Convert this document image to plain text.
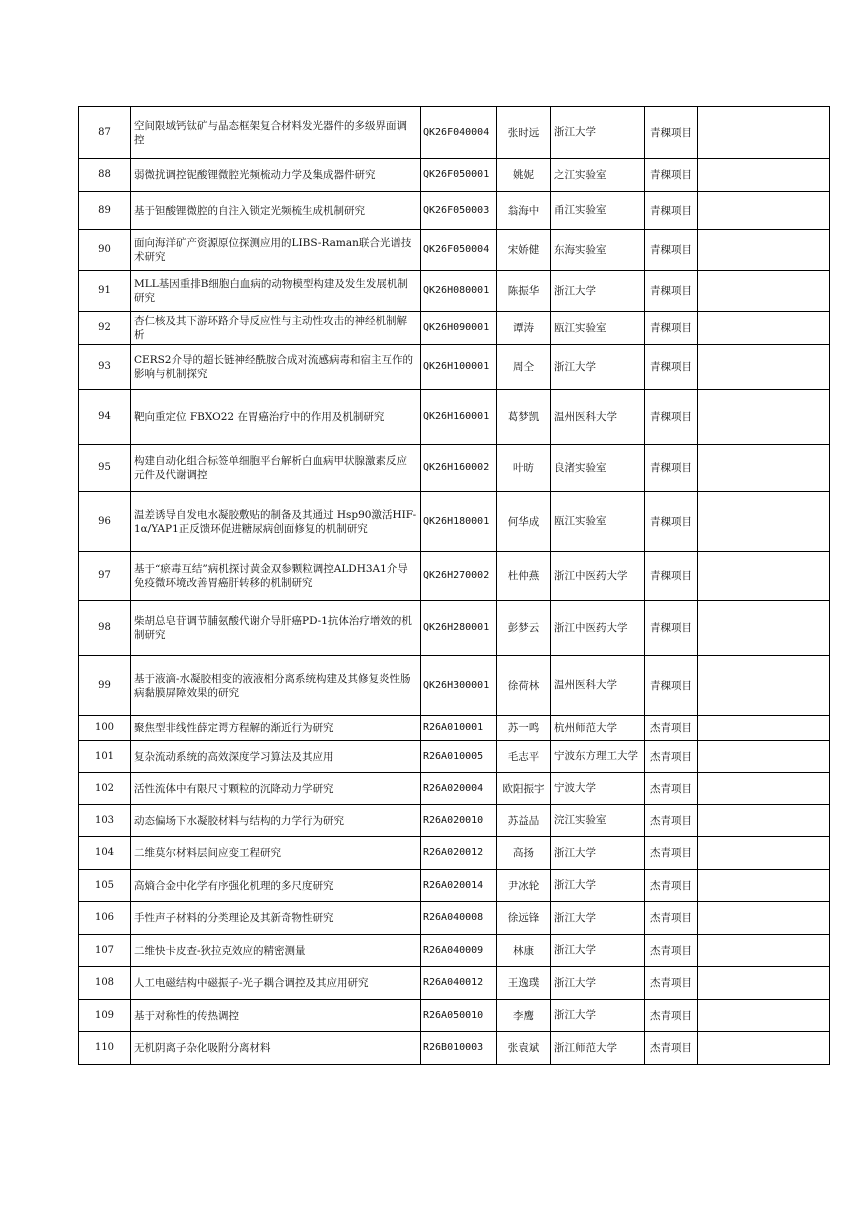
87	空间限域钙钛矿与晶态框架复合材料发光器件的多级界面调控	QK26F040004	张时远	浙江大学	青稞项目	
88	弱微扰调控铌酸锂微腔光频梳动力学及集成器件研究	QK26F050001	姚妮	之江实验室	青稞项目	
89	基于钽酸锂微腔的自注入锁定光频梳生成机制研究	QK26F050003	翁海中	甬江实验室	青稞项目	
90	面向海洋矿产资源原位探测应用的LIBS-Raman联合光谱技术研究	QK26F050004	宋娇健	东海实验室	青稞项目	
91	MLL基因重排B细胞白血病的动物模型构建及发生发展机制研究	QK26H080001	陈振华	浙江大学	青稞项目	
92	杏仁核及其下游环路介导反应性与主动性攻击的神经机制解析	QK26H090001	谭涛	瓯江实验室	青稞项目	
93	CERS2介导的超长链神经酰胺合成对流感病毒和宿主互作的影响与机制探究	QK26H100001	周仝	浙江大学	青稞项目	
94	靶向重定位 FBXO22 在胃癌治疗中的作用及机制研究	QK26H160001	葛梦凯	温州医科大学	青稞项目	
95	构建自动化组合标签单细胞平台解析白血病甲状腺激素反应元件及代谢调控	QK26H160002	叶昉	良渚实验室	青稞项目	
96	温差诱导自发电水凝胶敷贴的制备及其通过 Hsp90激活HIF-1α/YAP1正反馈环促进糖尿病创面修复的机制研究	QK26H180001	何华成	瓯江实验室	青稞项目	
97	基于“瘀毒互结”病机探讨黄金双参颗粒调控ALDH3A1介导免疫微环境改善胃癌肝转移的机制研究	QK26H270002	杜仲燕	浙江中医药大学	青稞项目	
98	柴胡总皂苷调节脯氨酸代谢介导肝癌PD-1抗体治疗增效的机制研究	QK26H280001	彭梦云	浙江中医药大学	青稞项目	
99	基于液滴-水凝胶相变的液液相分离系统构建及其修复炎性肠病黏膜屏障效果的研究	QK26H300001	徐荷林	温州医科大学	青稞项目	
100	聚焦型非线性薛定谔方程解的渐近行为研究	R26A010001	苏一鸣	杭州师范大学	杰青项目	
101	复杂流动系统的高效深度学习算法及其应用	R26A010005	毛志平	宁波东方理工大学	杰青项目	
102	活性流体中有限尺寸颗粒的沉降动力学研究	R26A020004	欧阳振宇	宁波大学	杰青项目	
103	动态偏场下水凝胶材料与结构的力学行为研究	R26A020010	苏益品	浣江实验室	杰青项目	
104	二维莫尔材料层间应变工程研究	R26A020012	高扬	浙江大学	杰青项目	
105	高熵合金中化学有序强化机理的多尺度研究	R26A020014	尹冰轮	浙江大学	杰青项目	
106	手性声子材料的分类理论及其新奇物性研究	R26A040008	徐远锋	浙江大学	杰青项目	
107	二维快卡皮查-狄拉克效应的精密测量	R26A040009	林康	浙江大学	杰青项目	
108	人工电磁结构中磁振子-光子耦合调控及其应用研究	R26A040012	王逸璞	浙江大学	杰青项目	
109	基于对称性的传热调控	R26A050010	李鹰	浙江大学	杰青项目	
110	无机阴离子杂化吸附分离材料	R26B010003	张袁斌	浙江师范大学	杰青项目	
